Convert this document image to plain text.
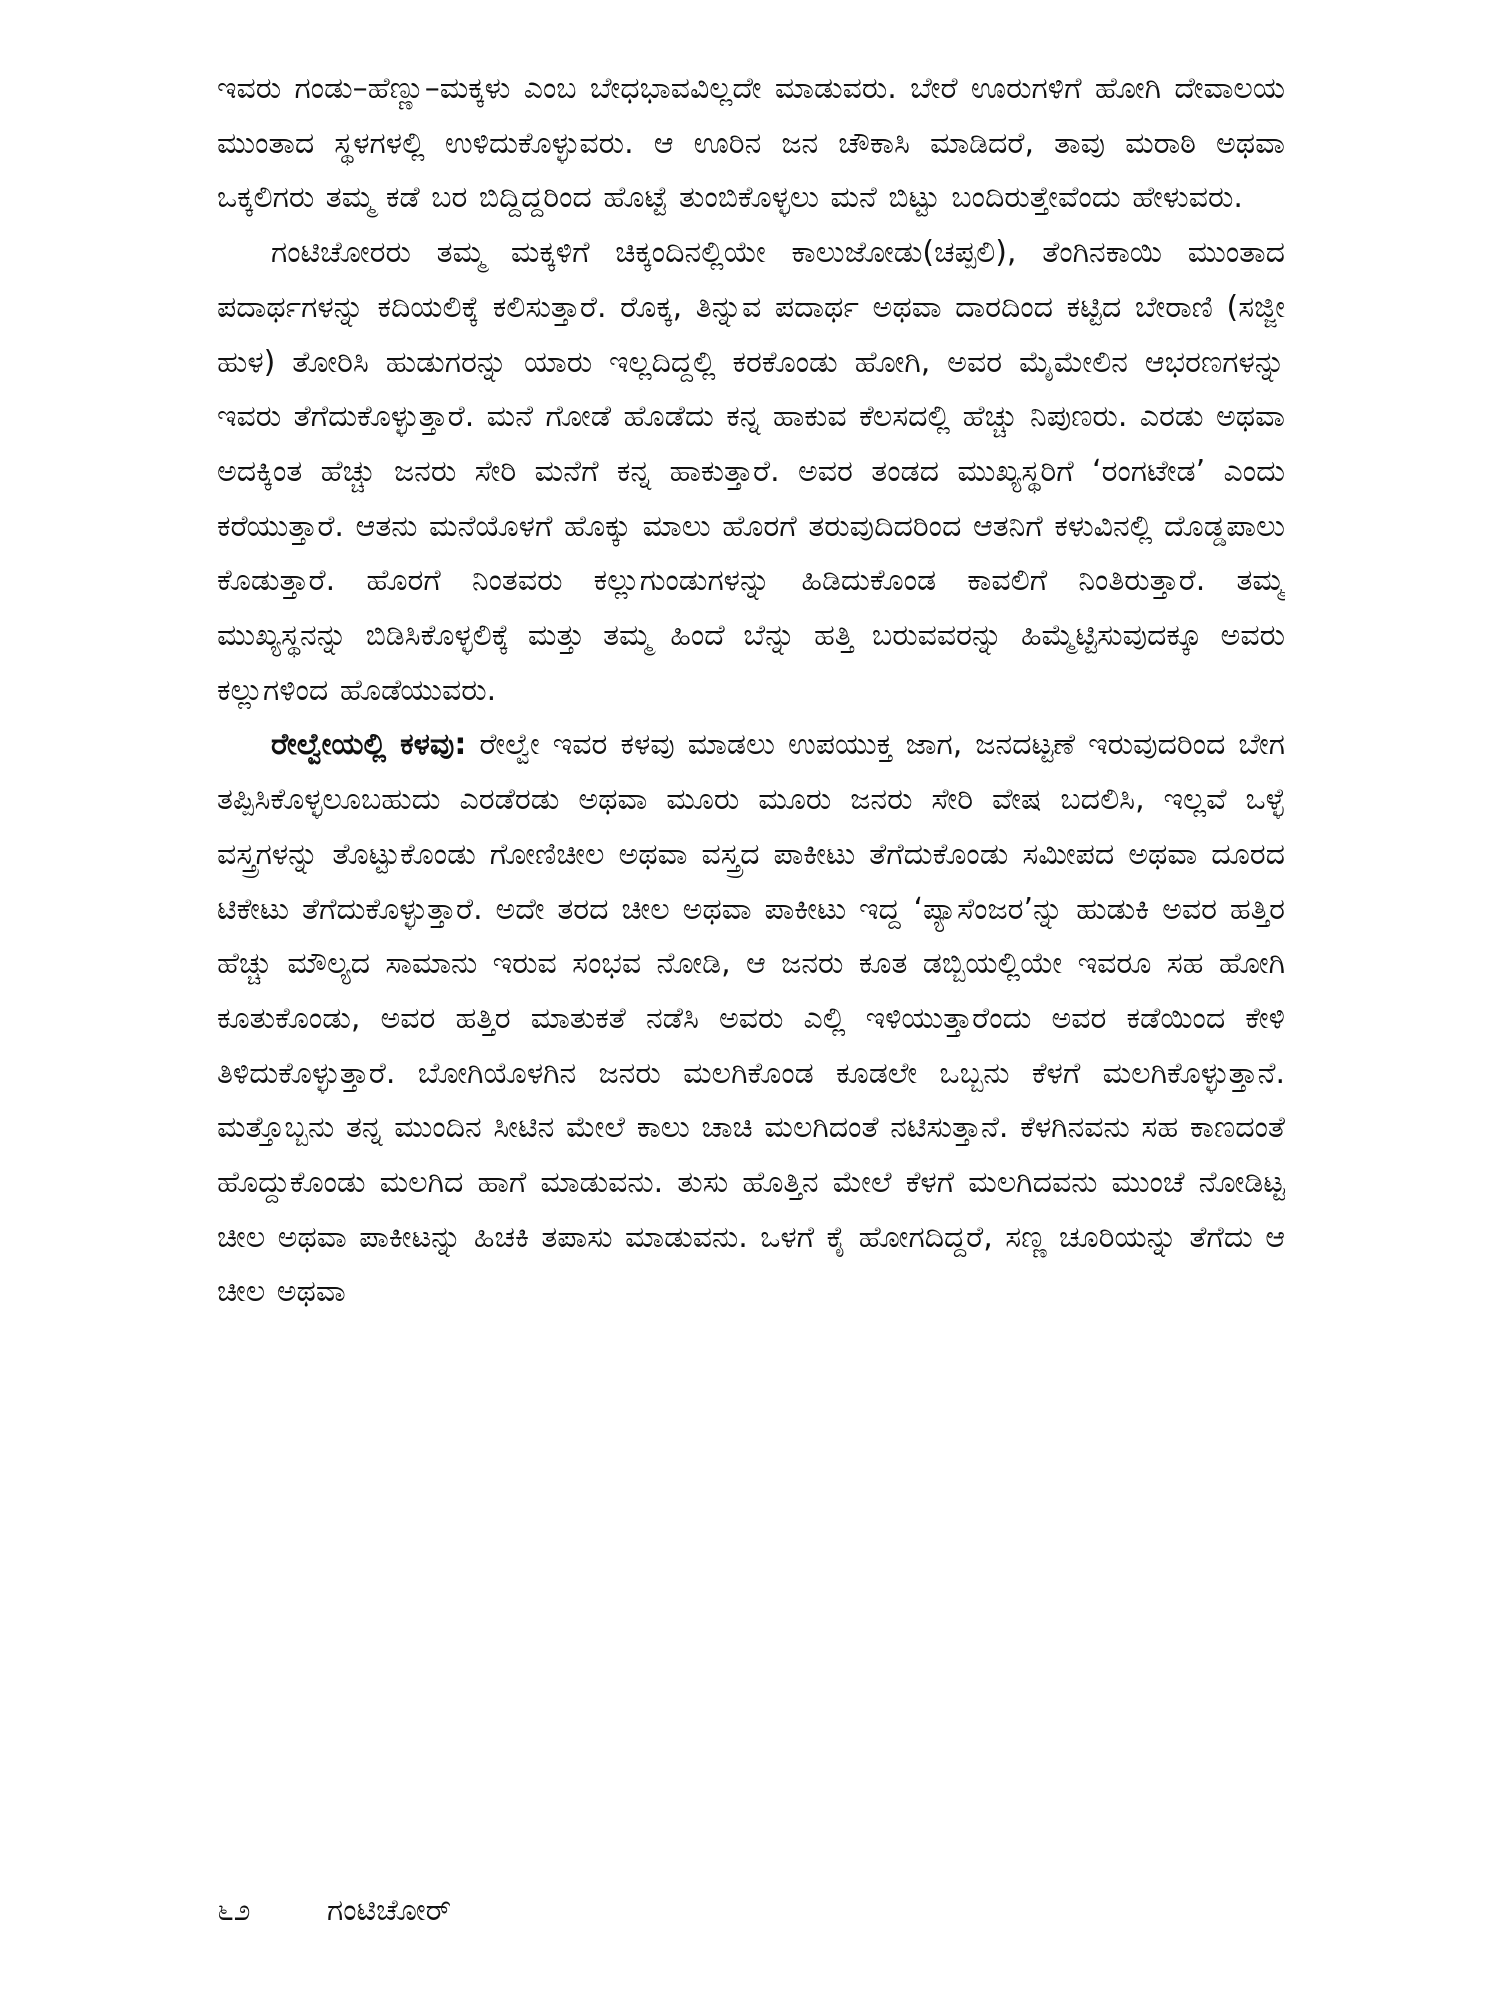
ಇವರು ಗಂಡು–ಹೆಣ್ಣು–ಮಕ್ಕಳು ಎಂಬ ಬೇಧಭಾವವಿಲ್ಲದೇ ಮಾಡುವರು. ಬೇರೆ ಊರುಗಳಿಗೆ ಹೋಗಿ ದೇವಾಲಯ ಮುಂತಾದ ಸ್ಥಳಗಳಲ್ಲಿ ಉಳಿದುಕೊಳ್ಳುವರು. ಆ ಊರಿನ ಜನ ಚೌಕಾಸಿ ಮಾಡಿದರೆ, ತಾವು ಮರಾಠಿ ಅಥವಾ ಒಕ್ಕಲಿಗರು ತಮ್ಮ ಕಡೆ ಬರ ಬಿದ್ದಿದ್ದರಿಂದ ಹೊಟ್ಟೆ ತುಂಬಿಕೊಳ್ಳಲು ಮನೆ ಬಿಟ್ಟು ಬಂದಿರುತ್ತೇವೆಂದು ಹೇಳುವರು.

ಗಂಟಿಚೋರರು ತಮ್ಮ ಮಕ್ಕಳಿಗೆ ಚಿಕ್ಕಂದಿನಲ್ಲಿಯೇ ಕಾಲುಜೋಡು(ಚಪ್ಪಲಿ), ತೆಂಗಿನಕಾಯಿ ಮುಂತಾದ ಪದಾರ್ಥಗಳನ್ನು ಕದಿಯಲಿಕ್ಕೆ ಕಲಿಸುತ್ತಾರೆ. ರೊಕ್ಕ, ತಿನ್ನುವ ಪದಾರ್ಥ ಅಥವಾ ದಾರದಿಂದ ಕಟ್ಟಿದ ಬೇರಾಣಿ (ಸಜ್ಜೀ ಹುಳ) ತೋರಿಸಿ ಹುಡುಗರನ್ನು ಯಾರು ಇಲ್ಲದಿದ್ದಲ್ಲಿ ಕರಕೊಂಡು ಹೋಗಿ, ಅವರ ಮೈಮೇಲಿನ ಆಭರಣಗಳನ್ನು ಇವರು ತೆಗೆದುಕೊಳ್ಳುತ್ತಾರೆ. ಮನೆ ಗೋಡೆ ಹೊಡೆದು ಕನ್ನ ಹಾಕುವ ಕೆಲಸದಲ್ಲಿ ಹೆಚ್ಚು ನಿಪುಣರು. ಎರಡು ಅಥವಾ ಅದಕ್ಕಿಂತ ಹೆಚ್ಚು ಜನರು ಸೇರಿ ಮನೆಗೆ ಕನ್ನ ಹಾಕುತ್ತಾರೆ. ಅವರ ತಂಡದ ಮುಖ್ಯಸ್ಥರಿಗೆ ‘ರಂಗಟೇಡ’ ಎಂದು ಕರೆಯುತ್ತಾರೆ. ಆತನು ಮನೆಯೊಳಗೆ ಹೊಕ್ಕು ಮಾಲು ಹೊರಗೆ ತರುವುದಿದರಿಂದ ಆತನಿಗೆ ಕಳುವಿನಲ್ಲಿ ದೊಡ್ಡಪಾಲು ಕೊಡುತ್ತಾರೆ. ಹೊರಗೆ ನಿಂತವರು ಕಲ್ಲುಗುಂಡುಗಳನ್ನು ಹಿಡಿದುಕೊಂಡ ಕಾವಲಿಗೆ ನಿಂತಿರುತ್ತಾರೆ. ತಮ್ಮ ಮುಖ್ಯಸ್ಥನನ್ನು ಬಿಡಿಸಿಕೊಳ್ಳಲಿಕ್ಕೆ ಮತ್ತು ತಮ್ಮ ಹಿಂದೆ ಬೆನ್ನು ಹತ್ತಿ ಬರುವವರನ್ನು ಹಿಮ್ಮೆಟ್ಟಿಸುವುದಕ್ಕೂ ಅವರು ಕಲ್ಲುಗಳಿಂದ ಹೊಡೆಯುವರು.

ರೇಲ್ವೇಯಲ್ಲಿ ಕಳವು: ರೇಲ್ವೇ ಇವರ ಕಳವು ಮಾಡಲು ಉಪಯುಕ್ತ ಜಾಗ, ಜನದಟ್ಟಣೆ ಇರುವುದರಿಂದ ಬೇಗ ತಪ್ಪಿಸಿಕೊಳ್ಳಲೂಬಹುದು ಎರಡೆರಡು ಅಥವಾ ಮೂರು ಮೂರು ಜನರು ಸೇರಿ ವೇಷ ಬದಲಿಸಿ, ಇಲ್ಲವೆ ಒಳ್ಳೆ ವಸ್ತ್ರಗಳನ್ನು ತೊಟ್ಟುಕೊಂಡು ಗೋಣಿಚೀಲ ಅಥವಾ ವಸ್ತ್ರದ ಪಾಕೀಟು ತೆಗೆದುಕೊಂಡು ಸಮೀಪದ ಅಥವಾ ದೂರದ ಟಿಕೇಟು ತೆಗೆದುಕೊಳ್ಳುತ್ತಾರೆ. ಅದೇ ತರದ ಚೀಲ ಅಥವಾ ಪಾಕೀಟು ಇದ್ದ ‘ಪ್ಯಾಸೆಂಜರ’ನ್ನು ಹುಡುಕಿ ಅವರ ಹತ್ತಿರ ಹೆಚ್ಚು ಮೌಲ್ಯದ ಸಾಮಾನು ಇರುವ ಸಂಭವ ನೋಡಿ, ಆ ಜನರು ಕೂತ ಡಬ್ಬಿಯಲ್ಲಿಯೇ ಇವರೂ ಸಹ ಹೋಗಿ ಕೂತುಕೊಂಡು, ಅವರ ಹತ್ತಿರ ಮಾತುಕತೆ ನಡೆಸಿ ಅವರು ಎಲ್ಲಿ ಇಳಿಯುತ್ತಾರೆಂದು ಅವರ ಕಡೆಯಿಂದ ಕೇಳಿ ತಿಳಿದುಕೊಳ್ಳುತ್ತಾರೆ. ಬೋಗಿಯೊಳಗಿನ ಜನರು ಮಲಗಿಕೊಂಡ ಕೂಡಲೇ ಒಬ್ಬನು ಕೆಳಗೆ ಮಲಗಿಕೊಳ್ಳುತ್ತಾನೆ. ಮತ್ತೊಬ್ಬನು ತನ್ನ ಮುಂದಿನ ಸೀಟಿನ ಮೇಲೆ ಕಾಲು ಚಾಚಿ ಮಲಗಿದಂತೆ ನಟಿಸುತ್ತಾನೆ. ಕೆಳಗಿನವನು ಸಹ ಕಾಣದಂತೆ ಹೊದ್ದುಕೊಂಡು ಮಲಗಿದ ಹಾಗೆ ಮಾಡುವನು. ತುಸು ಹೊತ್ತಿನ ಮೇಲೆ ಕೆಳಗೆ ಮಲಗಿದವನು ಮುಂಚೆ ನೋಡಿಟ್ಟ ಚೀಲ ಅಥವಾ ಪಾಕೀಟನ್ನು ಹಿಚಕಿ ತಪಾಸು ಮಾಡುವನು. ಒಳಗೆ ಕೈ ಹೋಗದಿದ್ದರೆ, ಸಣ್ಣ ಚೂರಿಯನ್ನು ತೆಗೆದು ಆ ಚೀಲ ಅಥವಾ

೬೨	ಗಂಟಿಚೋರ್
